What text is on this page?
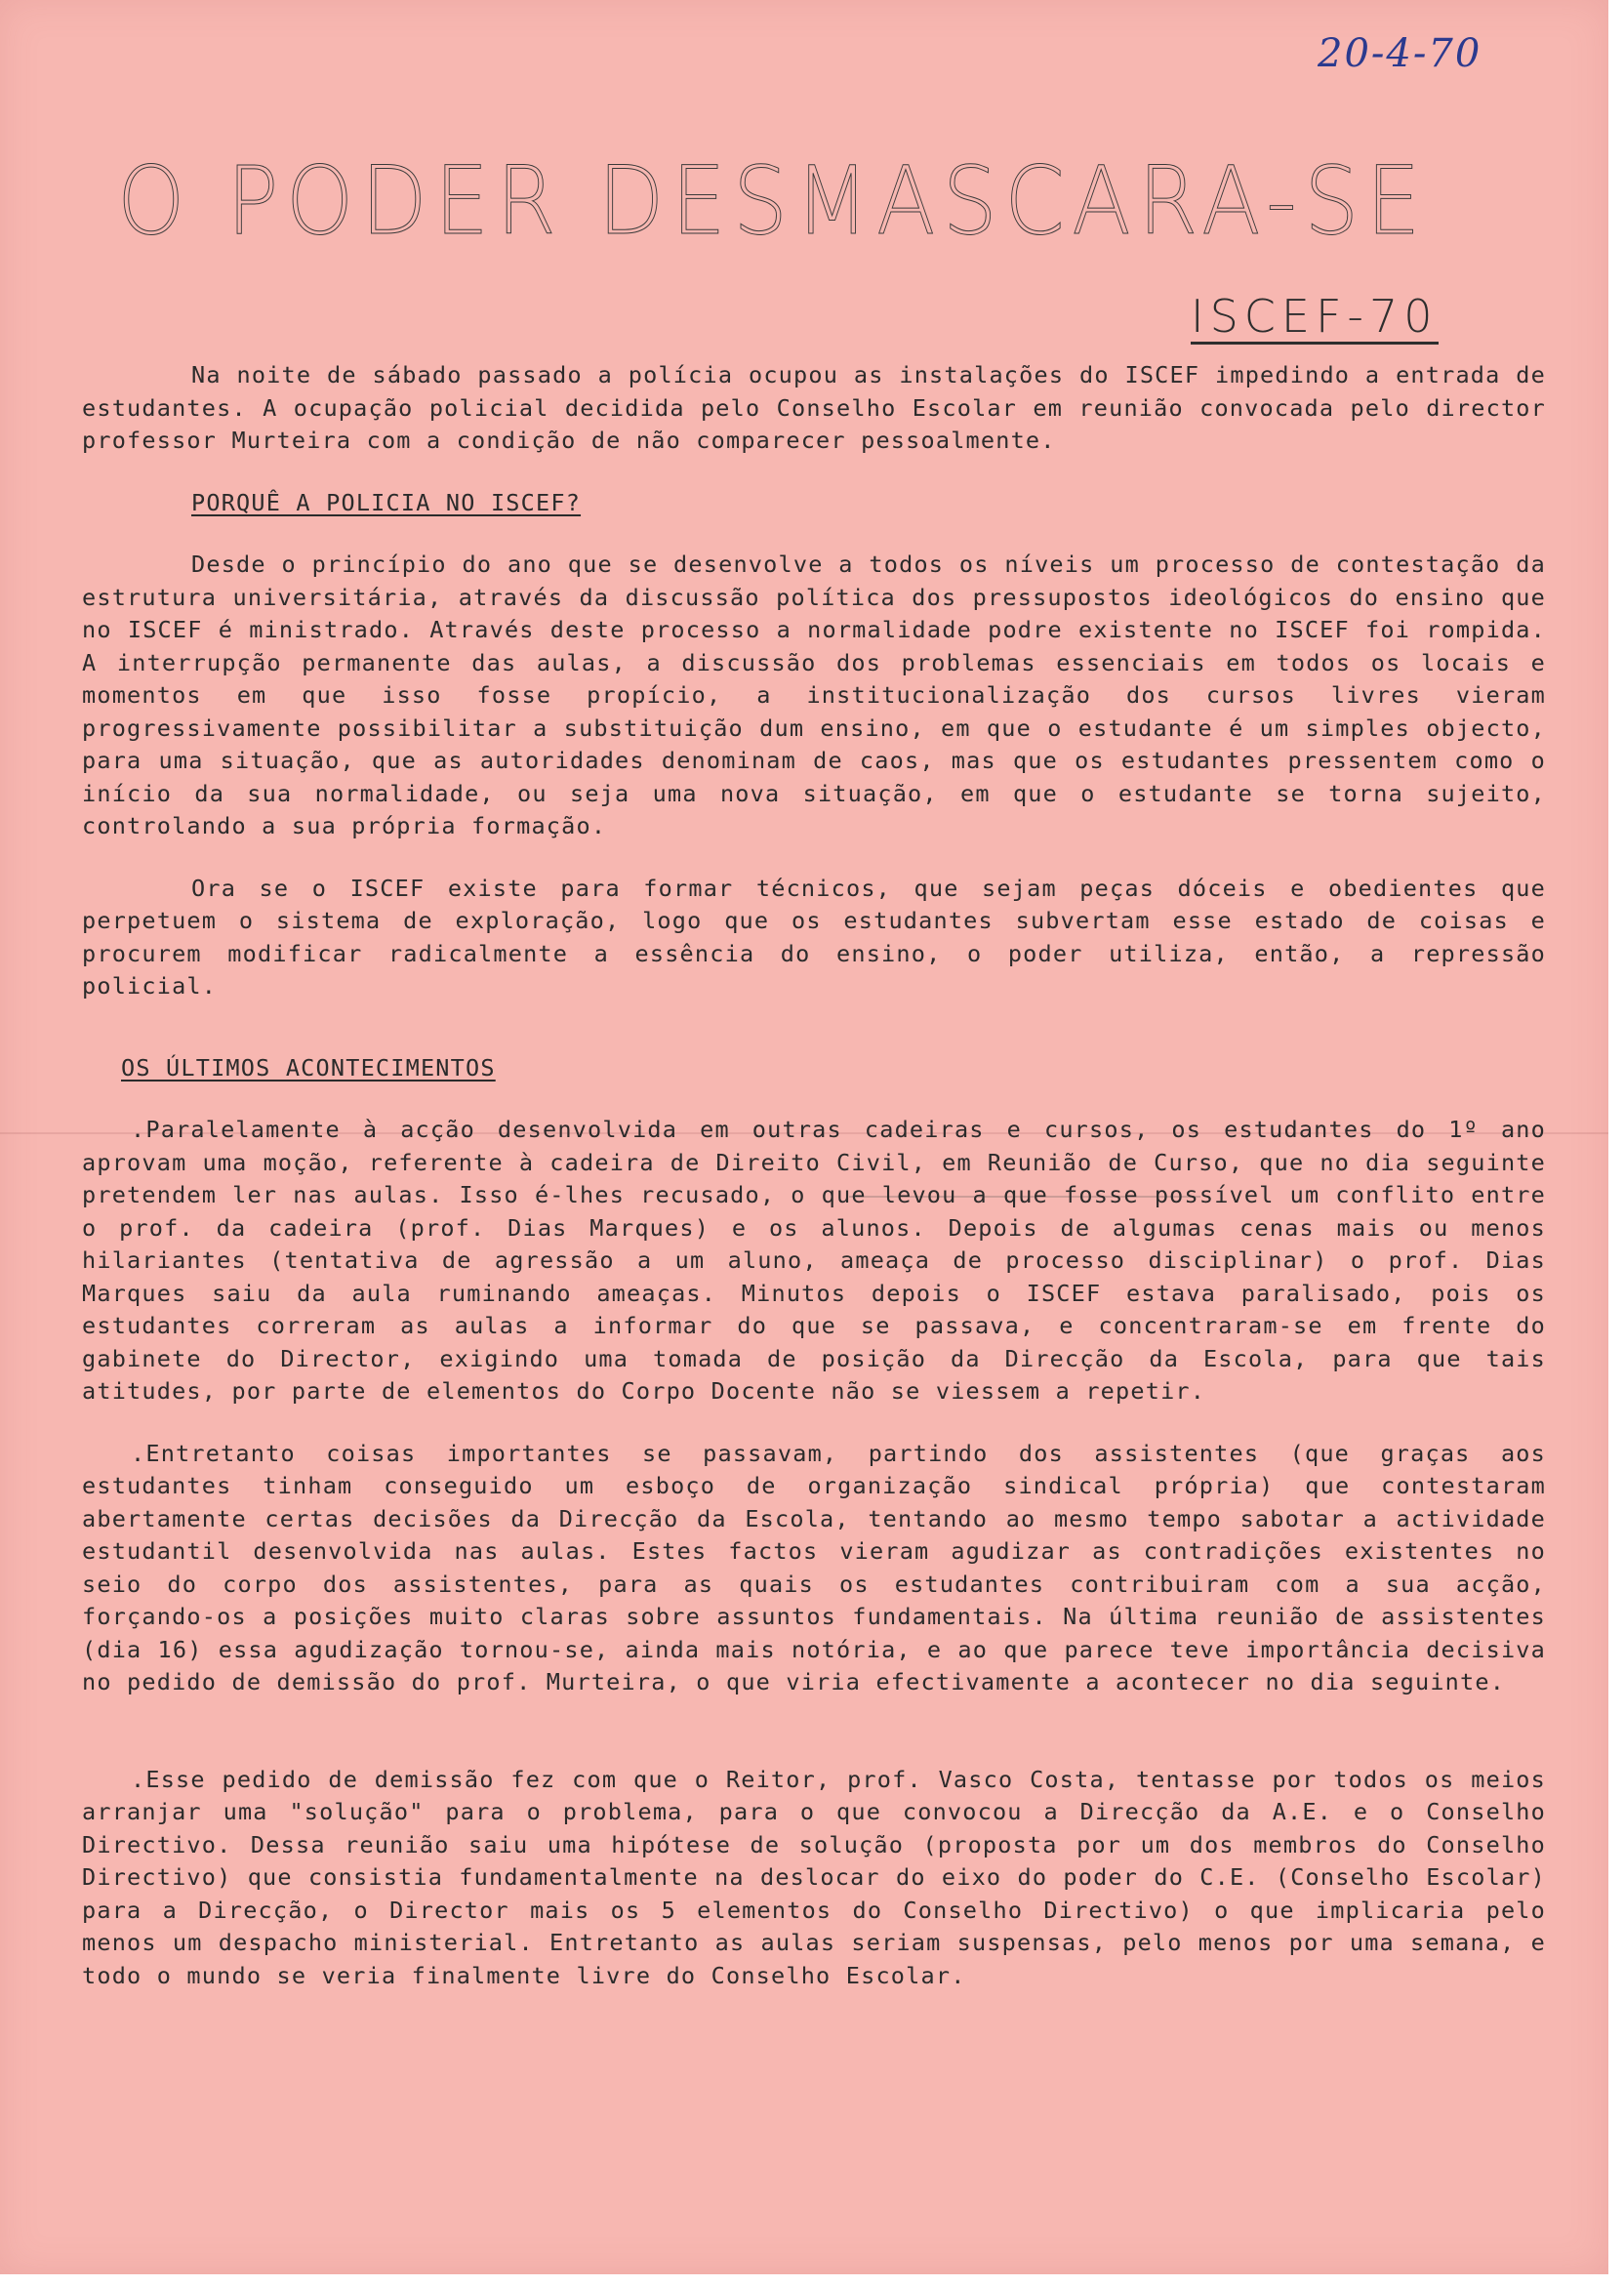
20-4-70
O PODER DESMASCARA-SE
ISCEF-70

Na noite de sábado passado a polícia ocupou as instalações do ISCEF impedindo a entrada de estudantes. A ocupação policial decidida pelo Conselho Escolar em reunião convocada pelo director professor Murteira com a condição de não comparecer pessoalmente.

PORQUÊ A POLICIA NO ISCEF?

Desde o princípio do ano que se desenvolve a todos os níveis um processo de contestação da estrutura universitária, através da discussão política dos pressupostos ideológicos do ensino que no ISCEF é ministrado. Através deste processo a normalidade podre existente no ISCEF foi rompida. A interrupção permanente das aulas, a discussão dos problemas essenciais em todos os locais e momentos em que isso fosse propício, a institucionalização dos cursos livres vieram progressivamente possibilitar a substituição dum ensino, em que o estudante é um simples objecto, para uma situação, que as autoridades denominam de caos, mas que os estudantes pressentem como o início da sua normalidade, ou seja uma nova situação, em que o estudante se torna sujeito, controlando a sua própria formação.

Ora se o ISCEF existe para formar técnicos, que sejam peças dóceis e obedientes que perpetuem o sistema de exploração, logo que os estudantes subvertam esse estado de coisas e procurem modificar radicalmente a essência do ensino, o poder utiliza, então, a repressão policial.

OS ÚLTIMOS ACONTECIMENTOS

.Paralelamente à acção desenvolvida em outras cadeiras e cursos, os estudantes do 1º ano aprovam uma moção, referente à cadeira de Direito Civil, em Reunião de Curso, que no dia seguinte pretendem ler nas aulas. Isso é-lhes recusado, o que levou a que fosse possível um conflito entre o prof. da cadeira (prof. Dias Marques) e os alunos. Depois de algumas cenas mais ou menos hilariantes (tentativa de agressão a um aluno, ameaça de processo disciplinar) o prof. Dias Marques saiu da aula ruminando ameaças. Minutos depois o ISCEF estava paralisado, pois os estudantes correram as aulas a informar do que se passava, e concentraram-se em frente do gabinete do Director, exigindo uma tomada de posição da Direcção da Escola, para que tais atitudes, por parte de elementos do Corpo Docente não se viessem a repetir.

.Entretanto coisas importantes se passavam, partindo dos assistentes (que graças aos estudantes tinham conseguido um esboço de organização sindical própria) que contestaram abertamente certas decisões da Direcção da Escola, tentando ao mesmo tempo sabotar a actividade estudantil desenvolvida nas aulas. Estes factos vieram agudizar as contradições existentes no seio do corpo dos assistentes, para as quais os estudantes contribuiram com a sua acção, forçando-os a posições muito claras sobre assuntos fundamentais. Na última reunião de assistentes (dia 16) essa agudização tornou-se, ainda mais notória, e ao que parece teve importância decisiva no pedido de demissão do prof. Murteira, o que viria efectivamente a acontecer no dia seguinte.

.Esse pedido de demissão fez com que o Reitor, prof. Vasco Costa, tentasse por todos os meios arranjar uma "solução" para o problema, para o que convocou a Direcção da A.E. e o Conselho Directivo. Dessa reunião saiu uma hipótese de solução (proposta por um dos membros do Conselho Directivo) que consistia fundamentalmente na deslocar do eixo do poder do C.E. (Conselho Escolar) para a Direcção, o Director mais os 5 elementos do Conselho Directivo) o que implicaria pelo menos um despacho ministerial. Entretanto as aulas seriam suspensas, pelo menos por uma semana, e todo o mundo se veria finalmente livre do Conselho Escolar.
